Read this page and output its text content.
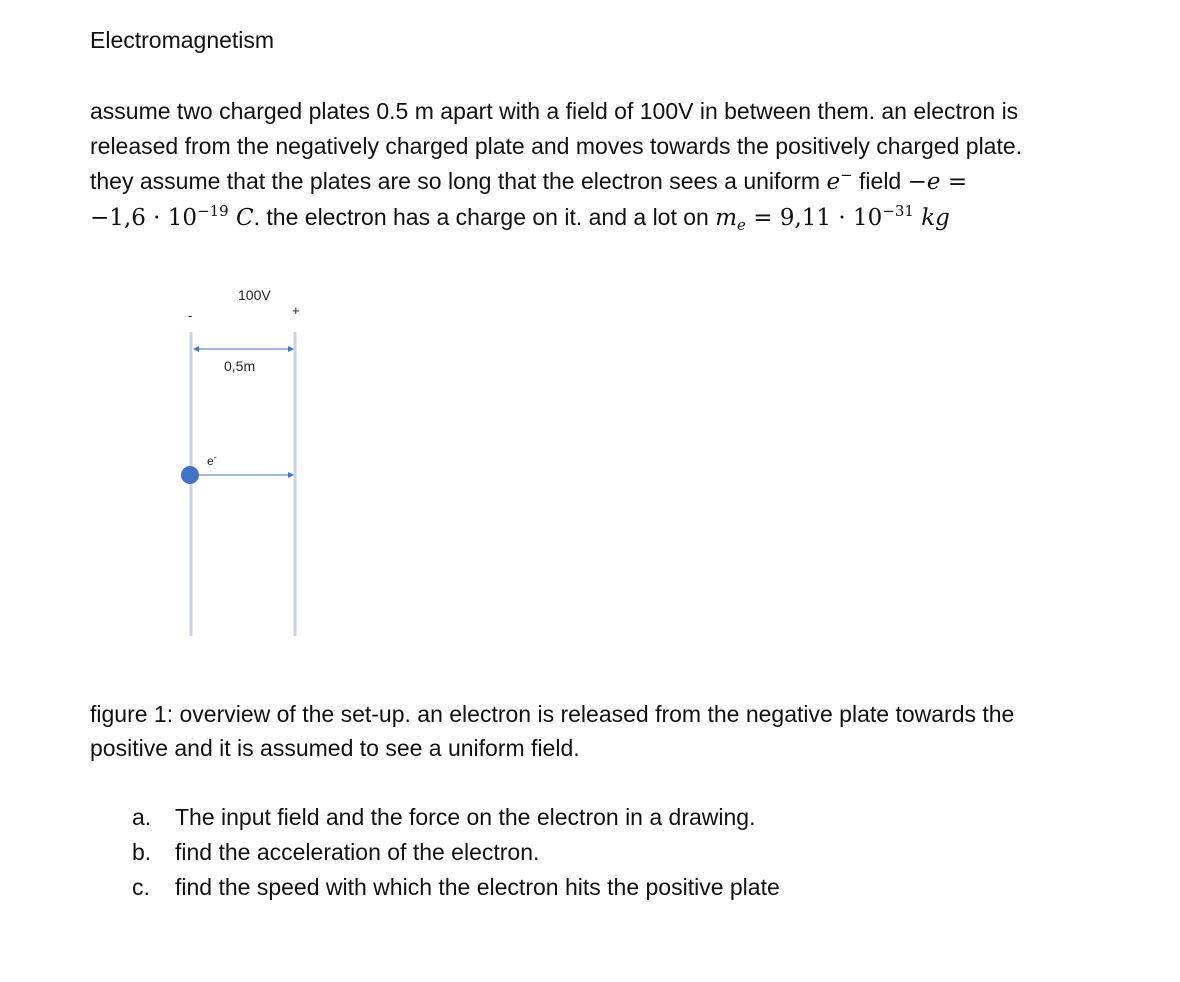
Electromagnetism
assume two charged plates 0.5 m apart with a field of 100V in between them. an electron is
released from the negatively charged plate and moves towards the positively charged plate.
they assume that the plates are so long that the electron sees a uniform e− field −e =
$-1,6 \cdot 10^{-19}$ C. the electron has a charge on it. and a lot on $m_e = 9,11 \cdot 10^{-31}$ kg
100V
-	+
0,5m
e-
figure 1: overview of the set-up. an electron is released from the negative plate towards the
positive and it is assumed to see a uniform field.
a.	The input field and the force on the electron in a drawing.
b.	find the acceleration of the electron.
c.	find the speed with which the electron hits the positive plate
